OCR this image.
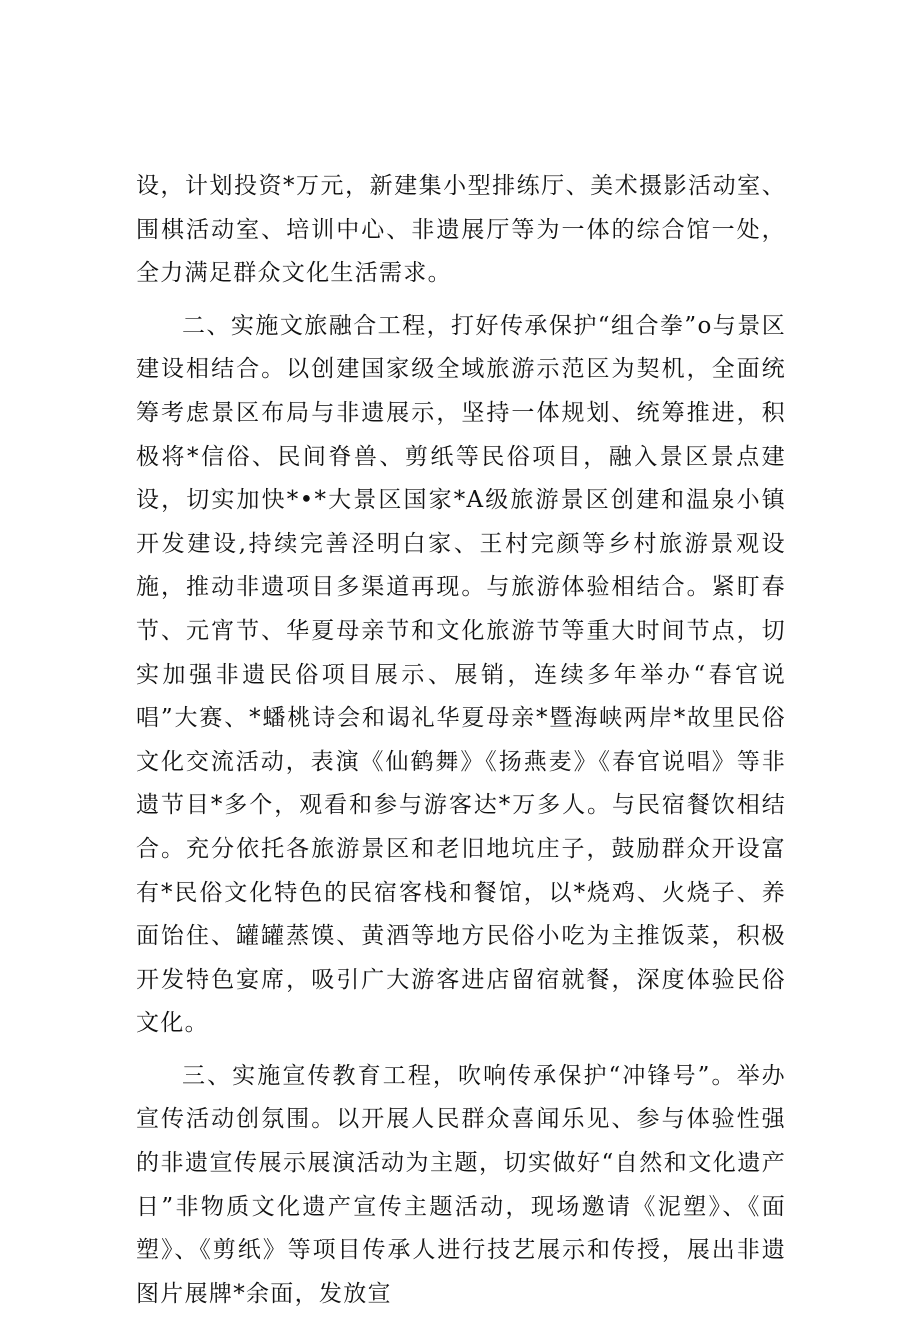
设，计划投资*万元，新建集小型排练厅、美术摄影活动室、围棋活动室、培训中心、非遗展厅等为一体的综合馆一处，全力满足群众文化生活需求。

二、实施文旅融合工程，打好传承保护“组合拳”o与景区建设相结合。以创建国家级全域旅游示范区为契机，全面统筹考虑景区布局与非遗展示，坚持一体规划、统筹推进，积极将*信俗、民间脊兽、剪纸等民俗项目，融入景区景点建设，切实加快*•*大景区国家*A级旅游景区创建和温泉小镇开发建设,持续完善泾明白家、王村完颜等乡村旅游景观设施，推动非遗项目多渠道再现。与旅游体验相结合。紧盯春节、元宵节、华夏母亲节和文化旅游节等重大时间节点，切实加强非遗民俗项目展示、展销，连续多年举办“春官说唱”大赛、*蟠桃诗会和谒礼华夏母亲*暨海峡两岸*故里民俗文化交流活动，表演《仙鹤舞》《扬燕麦》《春官说唱》等非遗节目*多个，观看和参与游客达*万多人。与民宿餐饮相结合。充分依托各旅游景区和老旧地坑庄子，鼓励群众开设富有*民俗文化特色的民宿客栈和餐馆，以*烧鸡、火烧子、养面饴住、罐罐蒸馍、黄酒等地方民俗小吃为主推饭菜，积极开发特色宴席，吸引广大游客进店留宿就餐，深度体验民俗文化。

三、实施宣传教育工程，吹响传承保护“冲锋号”。举办宣传活动创氛围。以开展人民群众喜闻乐见、参与体验性强的非遗宣传展示展演活动为主题，切实做好“自然和文化遗产日”非物质文化遗产宣传主题活动，现场邀请《泥塑》、《面塑》、《剪纸》等项目传承人进行技艺展示和传授，展出非遗图片展牌*余面，发放宣
